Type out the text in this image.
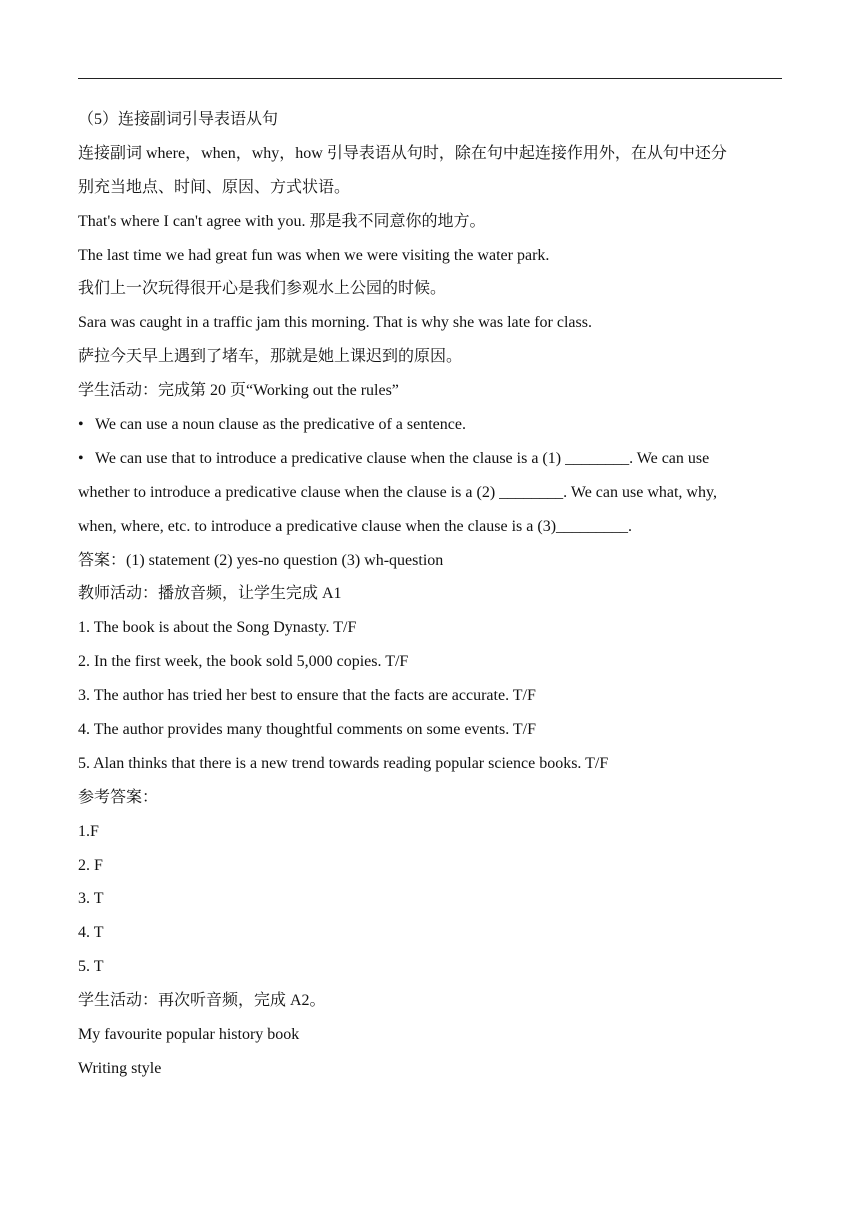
（5）连接副词引导表语从句
连接副词 where，when，why，how 引导表语从句时，除在句中起连接作用外，在从句中还分
别充当地点、时间、原因、方式状语。
That's where I can't agree with you. 那是我不同意你的地方。
The last time we had great fun was when we were visiting the water park.
我们上一次玩得很开心是我们参观水上公园的时候。
Sara was caught in a traffic jam this morning. That is why she was late for class.
萨拉今天早上遇到了堵车，那就是她上课迟到的原因。
学生活动：完成第 20 页“Working out the rules”
• We can use a noun clause as the predicative of a sentence.
• We can use that to introduce a predicative clause when the clause is a (1) ________. We can use
whether to introduce a predicative clause when the clause is a (2) ________. We can use what, why,
when, where, etc. to introduce a predicative clause when the clause is a (3)_________.
答案：(1) statement (2) yes-no question (3) wh-question
教师活动：播放音频，让学生完成 A1
1. The book is about the Song Dynasty. T/F
2. In the first week, the book sold 5,000 copies. T/F
3. The author has tried her best to ensure that the facts are accurate. T/F
4. The author provides many thoughtful comments on some events. T/F
5. Alan thinks that there is a new trend towards reading popular science books. T/F
参考答案：
1.F
2. F
3. T
4. T
5. T
学生活动：再次听音频，完成 A2。
My favourite popular history book
Writing style
